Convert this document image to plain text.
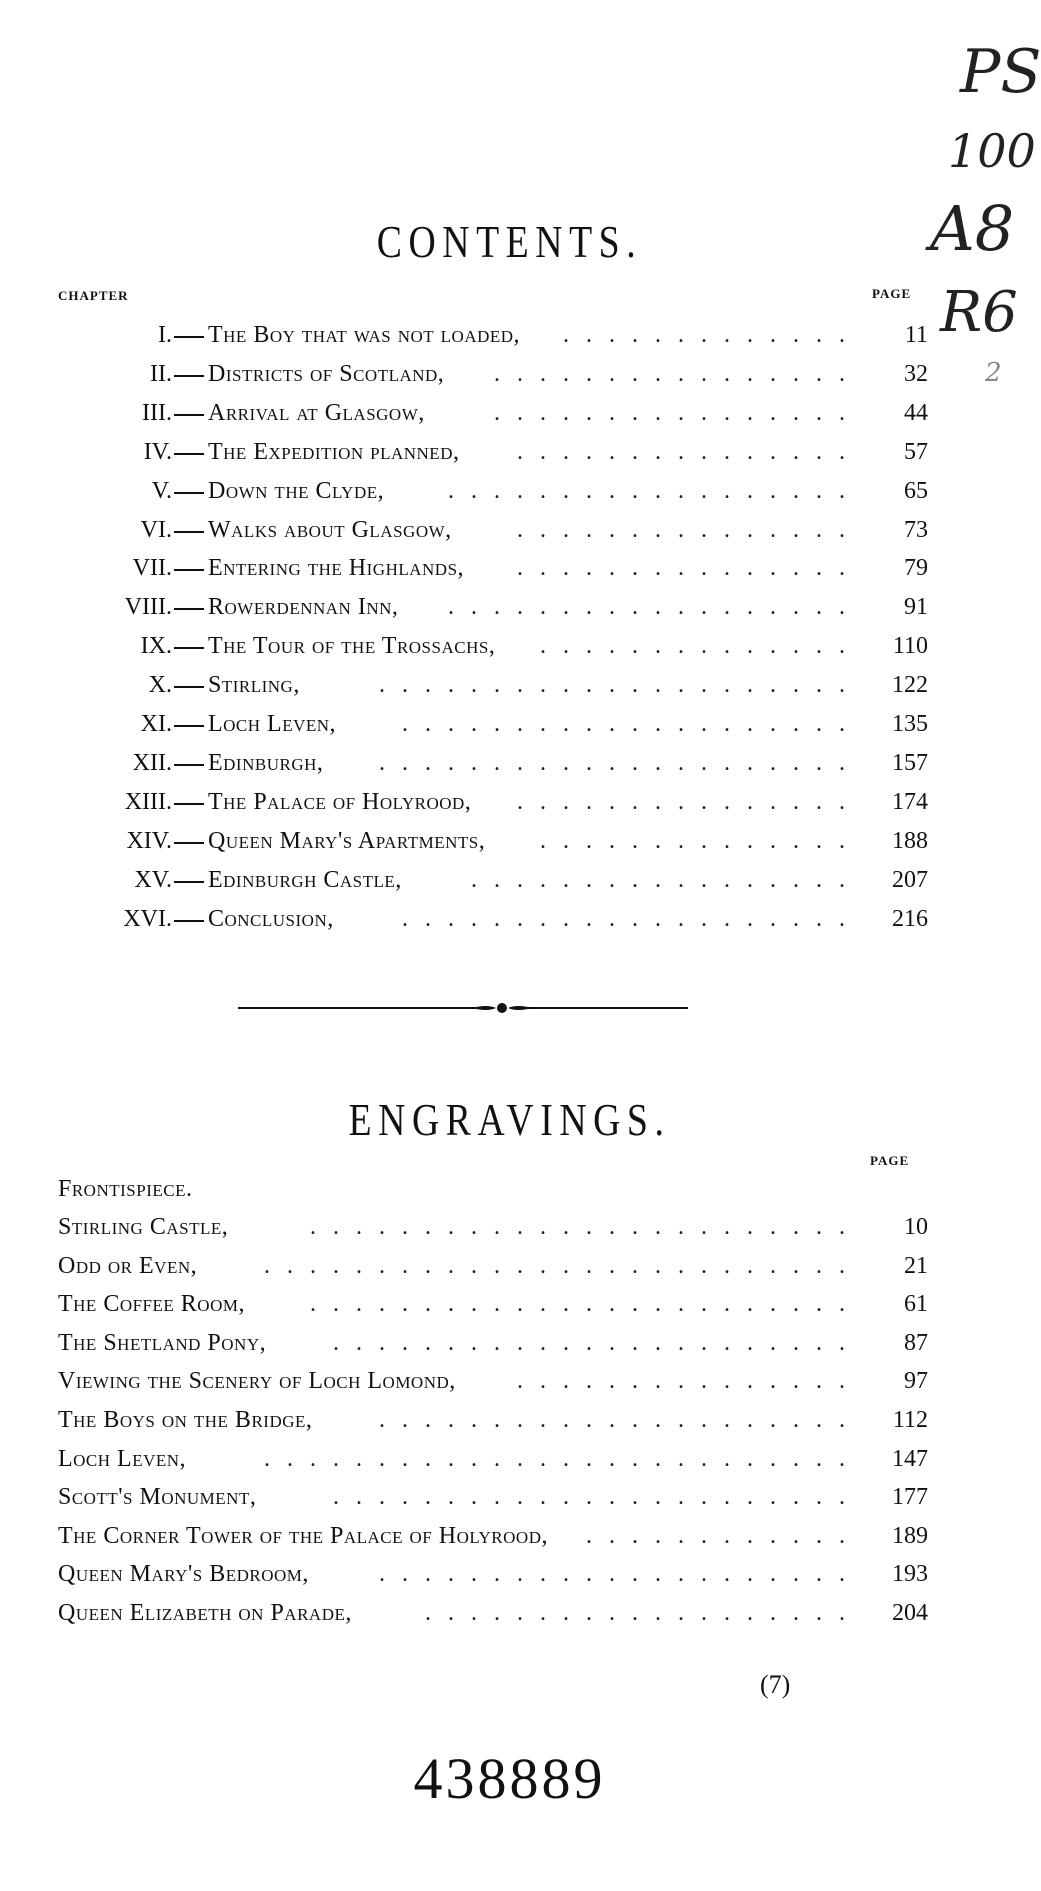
PS
100
A8
R6
2
CONTENTS.
CHAPTER	PAGE
I. The Boy that was not loaded,	.............	11
II. Districts of Scotland,	................	32
III. Arrival at Glasgow,	................	44
IV. The Expedition planned,	...............	57
V. Down the Clyde,	..................	65
VI. Walks about Glasgow,	...............	73
VII. Entering the Highlands,	...............	79
VIII. Rowerdennan Inn,	..................	91
IX. The Tour of the Trossachs,	..............	110
X. Stirling,	.....................	122
XI. Loch Leven,	....................	135
XII. Edinburgh,	.....................	157
XIII. The Palace of Holyrood,	...............	174
XIV. Queen Mary's Apartments,	..............	188
XV. Edinburgh Castle,	.................	207
XVI. Conclusion,	....................	216
ENGRAVINGS.
PAGE
Frontispiece.
Stirling Castle,	........................	10
Odd or Even,	..........................	21
The Coffee Room,	........................	61
The Shetland Pony,	.......................	87
Viewing the Scenery of Loch Lomond,	...............	97
The Boys on the Bridge,	.....................	112
Loch Leven,	..........................	147
Scott's Monument,	.......................	177
The Corner Tower of the Palace of Holyrood,	............	189
Queen Mary's Bedroom,	.....................	193
Queen Elizabeth on Parade,	...................	204
(7)
438889
